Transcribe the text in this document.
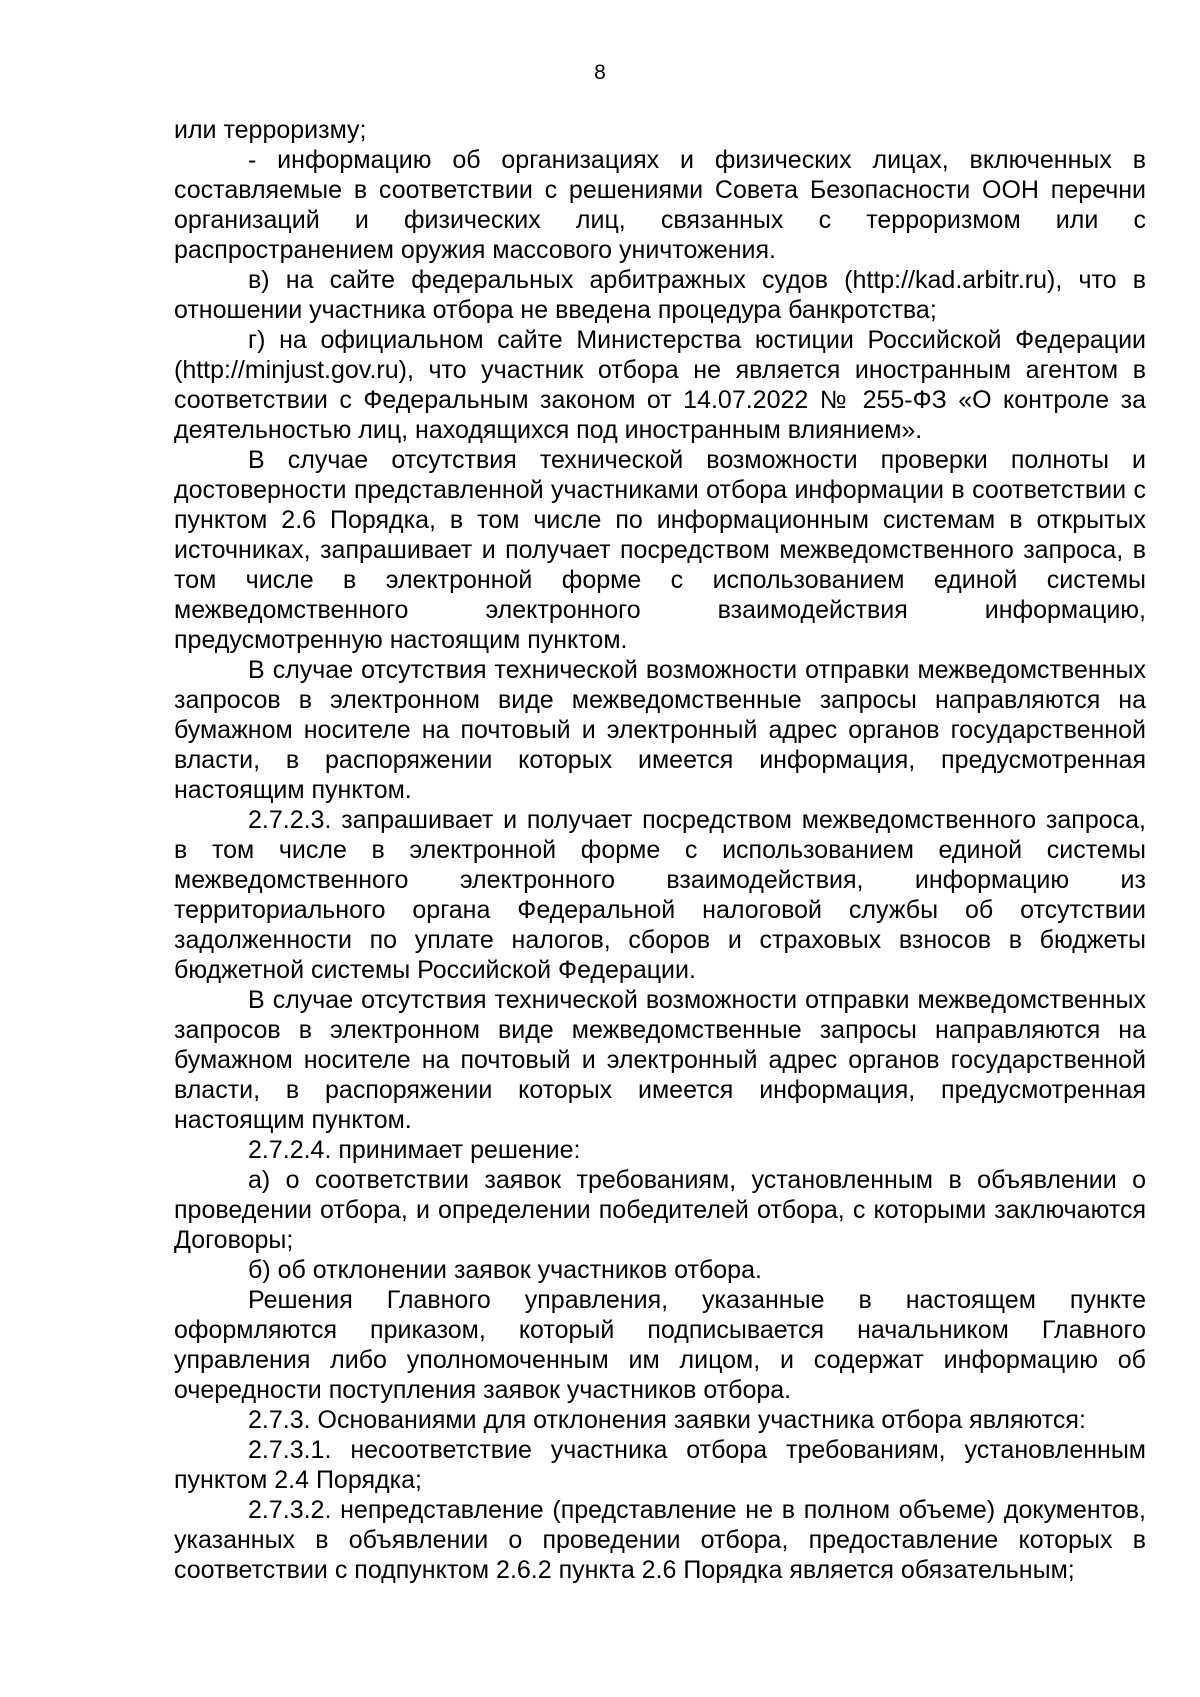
8

или терроризму;

- информацию об организациях и физических лицах, включенных в составляемые в соответствии с решениями Совета Безопасности ООН перечни организаций и физических лиц, связанных с терроризмом или с распространением оружия массового уничтожения.

в) на сайте федеральных арбитражных судов (http://kad.arbitr.ru), что в отношении участника отбора не введена процедура банкротства;

г) на официальном сайте Министерства юстиции Российской Федерации (http://minjust.gov.ru), что участник отбора не является иностранным агентом в соответствии с Федеральным законом от 14.07.2022 № 255-ФЗ «О контроле за деятельностью лиц, находящихся под иностранным влиянием».

В случае отсутствия технической возможности проверки полноты и достоверности представленной участниками отбора информации в соответствии с пунктом 2.6 Порядка, в том числе по информационным системам в открытых источниках, запрашивает и получает посредством межведомственного запроса, в том числе в электронной форме с использованием единой системы межведомственного электронного взаимодействия информацию, предусмотренную настоящим пунктом.

В случае отсутствия технической возможности отправки межведомственных запросов в электронном виде межведомственные запросы направляются на бумажном носителе на почтовый и электронный адрес органов государственной власти, в распоряжении которых имеется информация, предусмотренная настоящим пунктом.

2.7.2.3. запрашивает и получает посредством межведомственного запроса, в том числе в электронной форме с использованием единой системы межведомственного электронного взаимодействия, информацию из территориального органа Федеральной налоговой службы об отсутствии задолженности по уплате налогов, сборов и страховых взносов в бюджеты бюджетной системы Российской Федерации.

В случае отсутствия технической возможности отправки межведомственных запросов в электронном виде межведомственные запросы направляются на бумажном носителе на почтовый и электронный адрес органов государственной власти, в распоряжении которых имеется информация, предусмотренная настоящим пунктом.

2.7.2.4. принимает решение:

а) о соответствии заявок требованиям, установленным в объявлении о проведении отбора, и определении победителей отбора, с которыми заключаются Договоры;

б) об отклонении заявок участников отбора.

Решения Главного управления, указанные в настоящем пункте оформляются приказом, который подписывается начальником Главного управления либо уполномоченным им лицом, и содержат информацию об очередности поступления заявок участников отбора.

2.7.3. Основаниями для отклонения заявки участника отбора являются:

2.7.3.1. несоответствие участника отбора требованиям, установленным пунктом 2.4 Порядка;

2.7.3.2. непредставление (представление не в полном объеме) документов, указанных в объявлении о проведении отбора, предоставление которых в соответствии с подпунктом 2.6.2 пункта 2.6 Порядка является обязательным;
